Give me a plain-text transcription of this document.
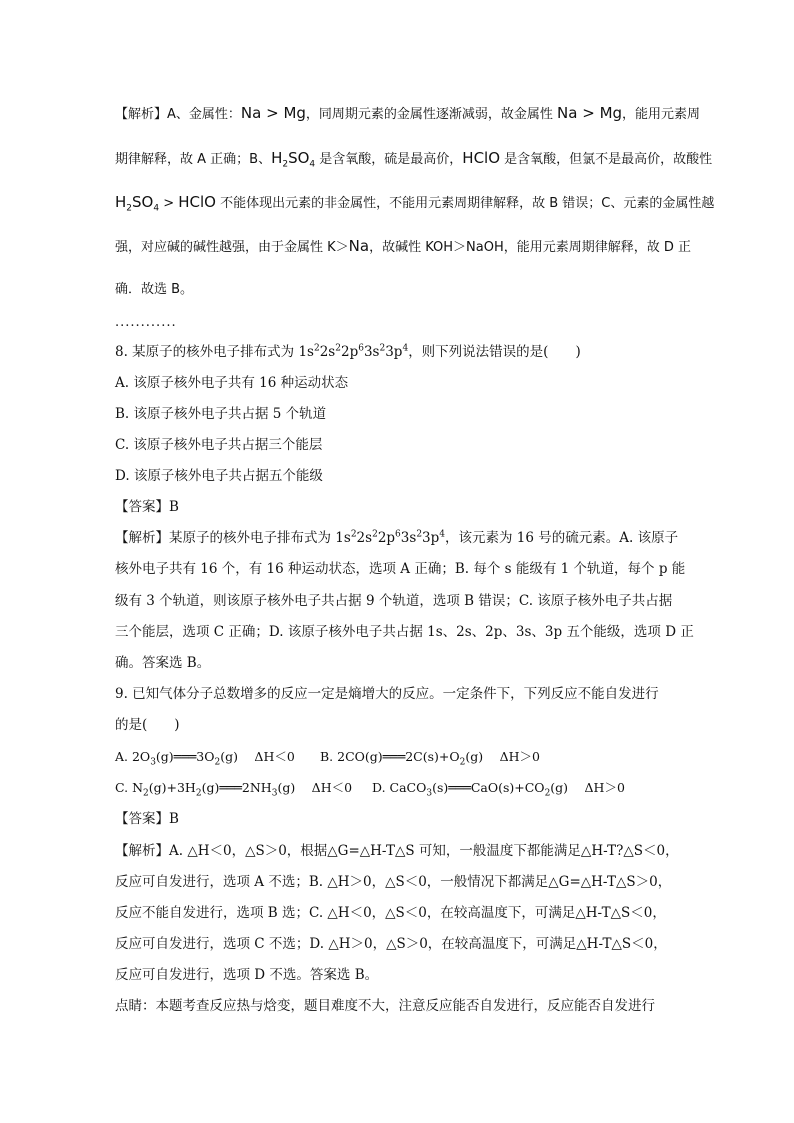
【解析】A、金属性：Na > Mg，同周期元素的金属性逐渐减弱，故金属性 Na > Mg，能用元素周
期律解释，故 A 正确；B、$H_2SO_4$ 是含氧酸，硫是最高价，HClO 是含氧酸，但氯不是最高价，故酸性
$H_2SO_4$ > HClO 不能体现出元素的非金属性，不能用元素周期律解释，故 B 错误；C、元素的金属性越
强，对应碱的碱性越强，由于金属性 K＞Na，故碱性 KOH＞NaOH，能用元素周期律解释，故 D 正
确．故选 B。
............
8. 某原子的核外电子排布式为 $1s^22s^22p^63s^23p^4$，则下列说法错误的是(　　)
A. 该原子核外电子共有 16 种运动状态
B. 该原子核外电子共占据 5 个轨道
C. 该原子核外电子共占据三个能层
D. 该原子核外电子共占据五个能级
【答案】B
【解析】某原子的核外电子排布式为 $1s^22s^22p^63s^23p^4$，该元素为 16 号的硫元素。A. 该原子
核外电子共有 16 个，有 16 种运动状态，选项 A 正确；B. 每个 s 能级有 1 个轨道，每个 p 能
级有 3 个轨道，则该原子核外电子共占据 9 个轨道，选项 B 错误；C. 该原子核外电子共占据
三个能层，选项 C 正确；D. 该原子核外电子共占据 1s、2s、2p、3s、3p 五个能级，选项 D 正
确。答案选 B。
9. 已知气体分子总数增多的反应一定是熵增大的反应。一定条件下，下列反应不能自发进行
的是(　　)
A. $2O_3(g)═══3O_2(g)$　 ΔH＜0 B. $2CO(g)═══2C(s)+O_2(g)$　 ΔH＞0
C. $N_2(g)+3H_2(g)═══2NH_3(g)$　 ΔH＜0 D. $CaCO_3(s)═══CaO(s)+CO_2(g)$　 ΔH＞0
【答案】B
【解析】A. △H＜0，△S＞0，根据△G=△H-T△S 可知，一般温度下都能满足△H-T?△S＜0，
反应可自发进行，选项 A 不选；B. △H＞0，△S＜0，一般情况下都满足△G=△H-T△S＞0，
反应不能自发进行，选项 B 选；C. △H＜0，△S＜0，在较高温度下，可满足△H-T△S＜0，
反应可自发进行，选项 C 不选；D. △H＞0，△S＞0，在较高温度下，可满足△H-T△S＜0，
反应可自发进行，选项 D 不选。答案选 B。
点睛：本题考查反应热与焓变，题目难度不大，注意反应能否自发进行，反应能否自发进行
